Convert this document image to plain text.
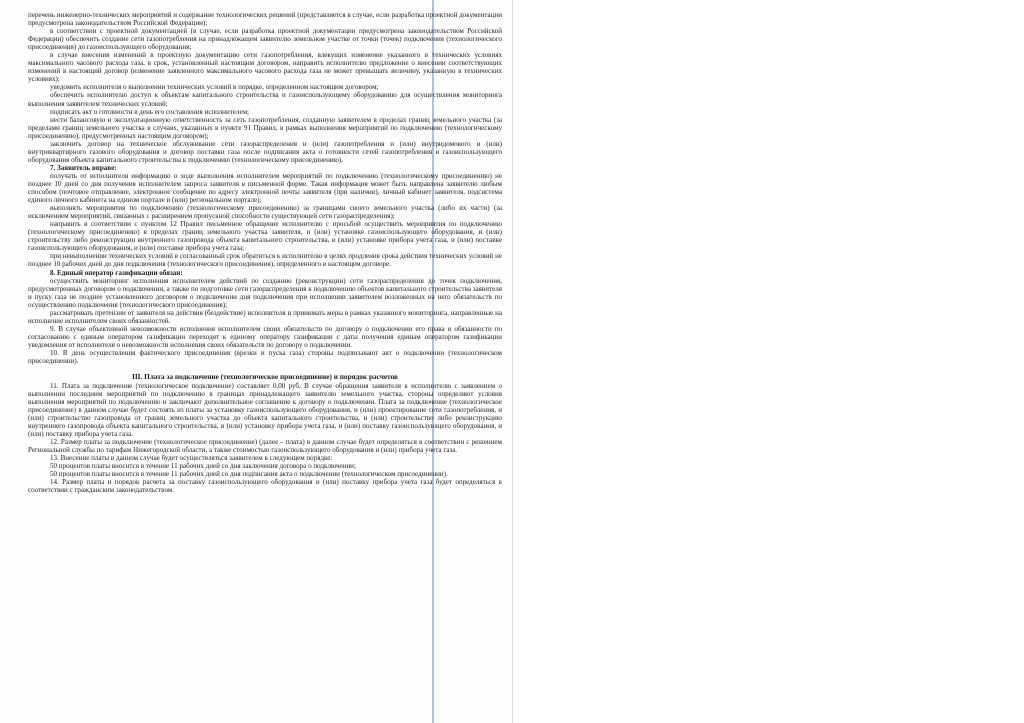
перечень инженерно-технических мероприятий и содержание технологических решений (представляется в случае, если разработка проектной документации предусмотрена законодательством Российской Федерации);

в соответствии с проектной документацией (в случае, если разработка проектной документации предусмотрена законодательством Российской Федерации) обеспечить создание сети газопотребления на принадлежащем заявителю земельном участке от точки (точек) подключения (технологического присоединения) до газоиспользующего оборудования;

в случае внесения изменений в проектную документацию сети газопотребления, влекущих изменение указанного в технических условиях максимального часового расхода газа, в срок, установленный настоящим договором, направить исполнителю предложение о внесении соответствующих изменений в настоящий договор (изменение заявленного максимального часового расхода газа не может превышать величину, указанную в технических условиях);

уведомить исполнителя о выполнении технических условий в порядке, определенном настоящим договором;

обеспечить исполнителю доступ к объектам капитального строительства и газоиспользующему оборудованию для осуществления мониторинга выполнения заявителем технических условий;

подписать акт о готовности в день его составления исполнителем;

нести балансовую и эксплуатационную ответственность за сеть газопотребления, созданную заявителем в пределах границ земельного участка (за пределами границ земельного участка в случаях, указанных в пункте 91 Правил, в рамках выполнения мероприятий по подключению (технологическому присоединению), предусмотренных настоящим договором);

заключить договор на техническое обслуживание сети газораспределения и (или) газопотребления и (или) внутридомового и (или) внутриквартирного газового оборудования и договор поставки газа после подписания акта о готовности сетей газопотребления и газоиспользующего оборудования объекта капитального строительства к подключению (технологическому присоединению).

7. Заявитель вправе:

получать от исполнителя информацию о ходе выполнения исполнителем мероприятий по подключению (технологическому присоединению) не позднее 10 дней со дня получения исполнителем запроса заявителя в письменной форме. Такая информация может быть направлена заявителю любым способом (почтовое отправление, электронное сообщение по адресу электронной почты заявителя (при наличии), личный кабинет заявителя, подсистема единого личного кабинета на едином портале и (или) региональном портале);

выполнять мероприятия по подключению (технологическому присоединению) за границами своего земельного участка (либо их части) (за исключением мероприятий, связанных с расширением пропускной способности существующей сети газораспределения);

направить в соответствии с пунктом 12 Правил письменное обращение исполнителю с просьбой осуществить мероприятия по подключению (технологическому присоединению) в пределах границ земельного участка заявителя, и (или) установке газоиспользующего оборудования, и (или) строительству либо реконструкции внутреннего газопровода объекта капитального строительства, и (или) установке прибора учета газа, и (или) поставке газоиспользующего оборудования, и (или) поставке прибора учета газа;

при невыполнении технических условий в согласованный срок обратиться к исполнителю в целях продления срока действия технических условий не позднее 10 рабочих дней до дня подключения (технологического присоединения), определенного в настоящем договоре.

8. Единый оператор газификации обязан:

осуществить мониторинг исполнения исполнителем действий по созданию (реконструкции) сети газораспределения до точек подключения, предусмотренных договором о подключении, а также по подготовке сети газораспределения к подключению объектов капитального строительства заявителя и пуску газа не позднее установленного договором о подключении дня подключения при исполнении заявителем возложенных на него обязательств по осуществлению подключения (технологического присоединения);

рассматривать претензии от заявителя на действия (бездействие) исполнителя и принимать меры в рамках указанного мониторинга, направленные на исполнение исполнителем своих обязанностей.

9. В случае объективной невозможности исполнения исполнителем своих обязательств по договору о подключении его права и обязанности по согласованию с единым оператором газификации переходят к единому оператору газификации с даты получения единым оператором газификации уведомления от исполнителя о невозможности исполнения своих обязательств по договору о подключении.

10. В день осуществления фактического присоединения (врезки и пуска газа) стороны подписывают акт о подключении (технологическом присоединении).

III. Плата за подключение (технологическое присоединение) и порядок расчетов

11. Плата за подключение (технологическое подключение) составляет 0,00 руб. В случае обращения заявителя к исполнителю с заявлением о выполнении последним мероприятий по подключению в границах принадлежащего заявителю земельного участка, стороны определяют условия выполнения мероприятий по подключению и заключают дополнительное соглашение к договору о подключении. Плата за подключение (технологическое присоединение) в данном случае будет состоять из платы за установку газоиспользующего оборудования, и (или) проектирование сети газопотребления, и (или) строительство газопровода от границ земельного участка до объекта капитального строительства, и (или) строительство либо реконструкцию внутреннего газопровода объекта капитального строительства, и (или) установку прибора учета газа, и (или) поставку газоиспользующего оборудования, и (или) поставку прибора учета газа.

12. Размер платы за подключение (технологическое присоединение) (далее – плата) в данном случае будет определяться в соответствии с решением Региональной службы по тарифам Нижегородской области, а также стоимостью газоиспользующего оборудования и (или) прибора учета газа.

13. Внесение платы в данном случае будет осуществляться заявителем в следующем порядке:

50 процентов платы вносится в течение 11 рабочих дней со дня заключения договора о подключении;

50 процентов платы вносится в течение 11 рабочих дней со дня подписания акта о подключении (технологическом присоединении).

14. Размер платы и порядок расчета за поставку газоиспользующего оборудования и (или) поставку прибора учета газа будет определяться в соответствии с гражданским законодательством.
